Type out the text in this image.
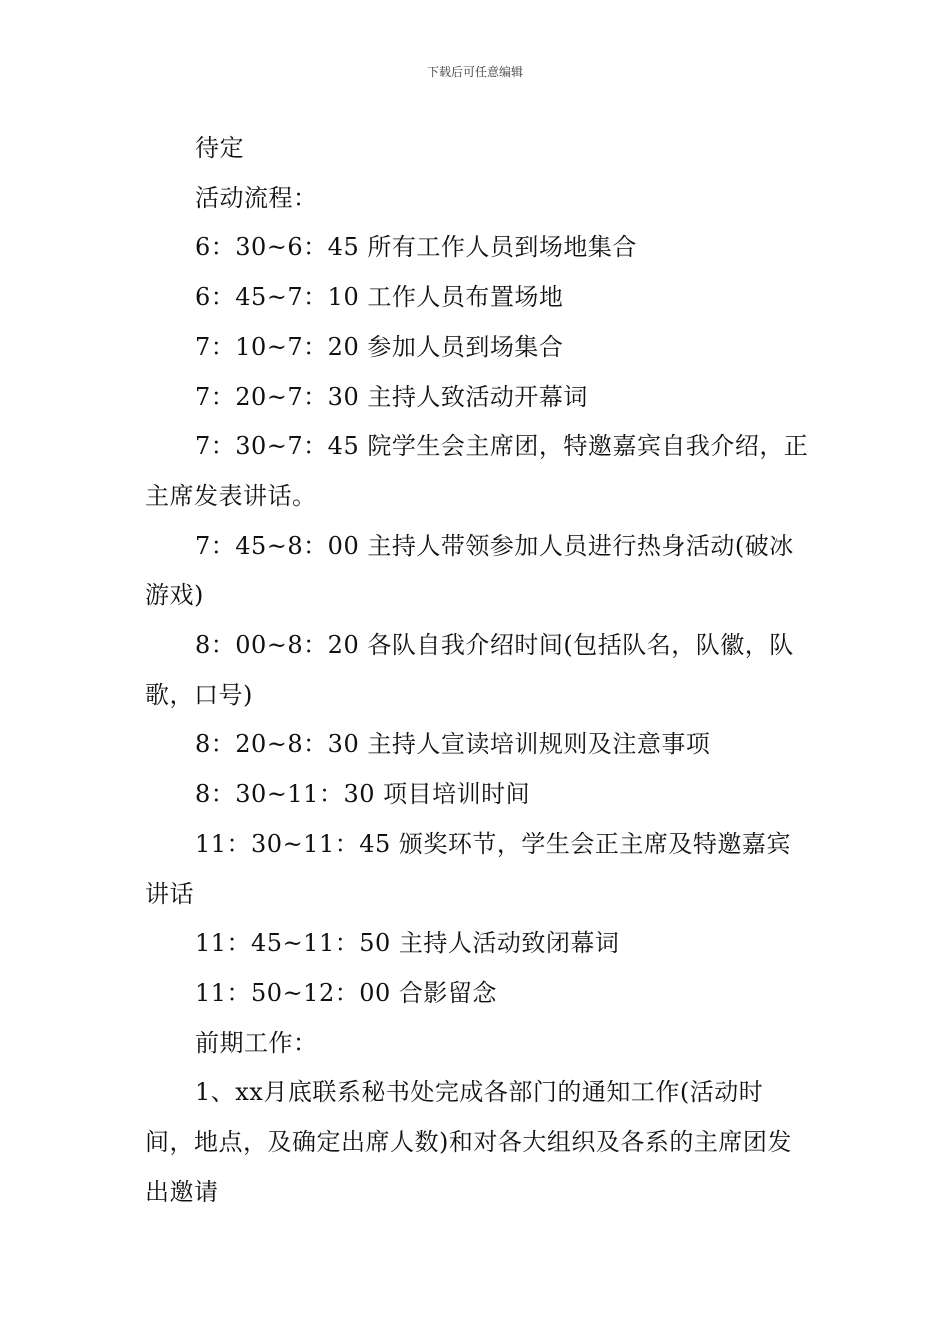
下载后可任意编辑

待定

活动流程：

6：30~6：45 所有工作人员到场地集合

6：45~7：10 工作人员布置场地

7：10~7：20 参加人员到场集合

7：20~7：30 主持人致活动开幕词

7：30~7：45 院学生会主席团，特邀嘉宾自我介绍，正主席发表讲话。

7：45~8：00 主持人带领参加人员进行热身活动(破冰游戏)

8：00~8：20 各队自我介绍时间(包括队名，队徽，队歌，口号)

8：20~8：30 主持人宣读培训规则及注意事项

8：30~11：30 项目培训时间

11：30~11：45 颁奖环节，学生会正主席及特邀嘉宾讲话

11：45~11：50 主持人活动致闭幕词

11：50~12：00 合影留念

前期工作：

1、xx月底联系秘书处完成各部门的通知工作(活动时间，地点，及确定出席人数)和对各大组织及各系的主席团发出邀请
